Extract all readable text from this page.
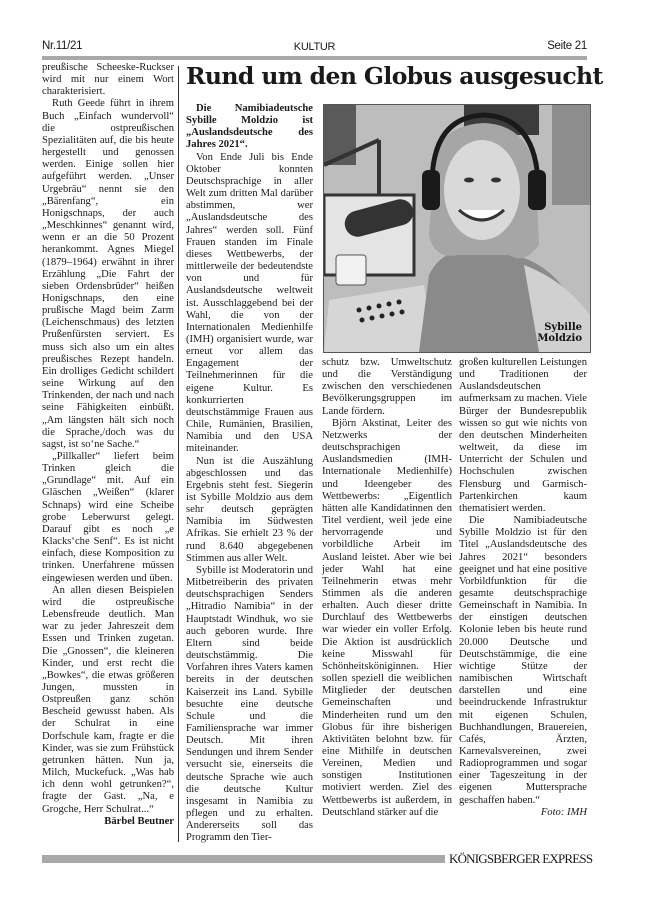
Nr.11/21	KULTUR	Seite 21

preußische Scheeske-Ruckser wird mit nur einem Wort charakterisiert.

Ruth Geede führt in ihrem Buch „Einfach wundervoll“ die ostpreußischen Spezialitäten auf, die bis heute hergestellt und genossen werden. Einige sollen hier aufgeführt werden. „Unser Urgebräu“ nennt sie den „Bärenfang“, ein Honigschnaps, der auch „Meschkinnes“ genannt wird, wenn er an die 50 Prozent herankommt. Agnes Miegel (1879–1964) erwähnt in ihrer Erzählung „Die Fahrt der sieben Ordensbrüder“ heißen Honigschnaps, den eine prußische Magd beim Zarm (Leichenschmaus) des letzten Prußenfürsten serviert. Es muss sich also um ein altes preußisches Rezept handeln. Ein drolliges Gedicht schildert seine Wirkung auf den Trinkenden, der nach und nach seine Fähigkeiten einbüßt. „Am längsten hält sich noch die Sprache,/doch was du sagst, ist so‘ne Sache.“

„Pillkaller“ liefert beim Trinken gleich die „Grundlage“ mit. Auf ein Gläschen „Weißen“ (klarer Schnaps) wird eine Scheibe grobe Leberwurst gelegt. Darauf gibt es noch „e Klacks‘che Senf“. Es ist nicht einfach, diese Komposition zu trinken. Unerfahrene müssen eingewiesen werden und üben.

An allen diesen Beispielen wird die ostpreußische Lebensfreude deutlich. Man war zu jeder Jahreszeit dem Essen und Trinken zugetan. Die „Gnossen“, die kleineren Kinder, und erst recht die „Bowkes“, die etwas größeren Jungen, mussten in Ostpreußen ganz schön Bescheid gewusst haben. Als der Schulrat in eine Dorfschule kam, fragte er die Kinder, was sie zum Frühstück getrunken hätten. Nun ja, Milch, Muckefuck. „Was hab ich denn wohl getrunken?“, fragte der Gast. „Na, e Grogche, Herr Schulrat...“

Bärbel Beutner

Rund um den Globus ausgesucht

Die Namibiadeutsche Sybille Moldzio ist „Auslandsdeutsche des Jahres 2021“.

Von Ende Juli bis Ende Oktober konnten Deutschsprachige in aller Welt zum dritten Mal darüber abstimmen, wer „Auslandsdeutsche des Jahres“ werden soll. Fünf Frauen standen im Finale dieses Wettbewerbs, der mittlerweile der bedeutendste von und für Auslandsdeutsche weltweit ist. Ausschlaggebend bei der Wahl, die von der Internationalen Medienhilfe (IMH) organisiert wurde, war erneut vor allem das Engagement der Teilnehmerinnen für die eigene Kultur. Es konkurrierten deutschstämmige Frauen aus Chile, Rumänien, Brasilien, Namibia und den USA miteinander.

Nun ist die Auszählung abgeschlossen und das Ergebnis steht fest. Siegerin ist Sybille Moldzio aus dem sehr deutsch geprägten Namibia im Südwesten Afrikas. Sie erhielt 23 % der rund 8.640 abgegebenen Stimmen aus aller Welt.

Sybille ist Moderatorin und Mitbetreiberin des privaten deutschsprachigen Senders „Hitradio Namibia“ in der Hauptstadt Windhuk, wo sie auch geboren wurde. Ihre Eltern sind beide deutschstämmig. Die Vorfahren ihres Vaters kamen bereits in der deutschen Kaiserzeit ins Land. Sybille besuchte eine deutsche Schule und die Familiensprache war immer Deutsch. Mit ihren Sendungen und ihrem Sender versucht sie, einerseits die deutsche Sprache wie auch die deutsche Kultur insgesamt in Namibia zu pflegen und zu erhalten. Andererseits soll das Programm den Tier-

Sybille
Moldzio

schutz bzw. Umweltschutz und die Verständigung zwischen den verschiedenen Bevölkerungsgruppen im Lande fördern.

Björn Akstinat, Leiter des Netzwerks der deutschsprachigen Auslandsmedien (IMH-Internationale Medienhilfe) und Ideengeber des Wettbewerbs: „Eigentlich hätten alle Kandidatinnen den Titel verdient, weil jede eine hervorragende und vorbildliche Arbeit im Ausland leistet. Aber wie bei jeder Wahl hat eine Teilnehmerin etwas mehr Stimmen als die anderen erhalten. Auch dieser dritte Durchlauf des Wettbewerbs war wieder ein voller Erfolg. Die Aktion ist ausdrücklich keine Misswahl für Schönheitsköniginnen. Hier sollen speziell die weiblichen Mitglieder der deutschen Gemeinschaften und Minderheiten rund um den Globus für ihre bisherigen Aktivitäten belohnt bzw. für eine Mithilfe in deutschen Vereinen, Medien und sonstigen Institutionen motiviert werden. Ziel des Wettbewerbs ist außerdem, in Deutschland stärker auf die

großen kulturellen Leistungen und Traditionen der Auslandsdeutschen aufmerksam zu machen. Viele Bürger der Bundesrepublik wissen so gut wie nichts von den deutschen Minderheiten weltweit, da diese im Unterricht der Schulen und Hochschulen zwischen Flensburg und Garmisch-Partenkirchen kaum thematisiert werden.

Die Namibiadeutsche Sybille Moldzio ist für den Titel „Auslandsdeutsche des Jahres 2021“ besonders geeignet und hat eine positive Vorbildfunktion für die gesamte deutschsprachige Gemeinschaft in Namibia. In der einstigen deutschen Kolonie leben bis heute rund 20.000 Deutsche und Deutschstämmige, die eine wichtige Stütze der namibischen Wirtschaft darstellen und eine beeindruckende Infrastruktur mit eigenen Schulen, Buchhandlungen, Brauereien, Cafés, Ärzten, Karnevalsvereinen, zwei Radioprogrammen und sogar einer Tageszeitung in der eigenen Muttersprache geschaffen haben.“

Foto: IMH

KÖNIGSBERGER EXPRESS
